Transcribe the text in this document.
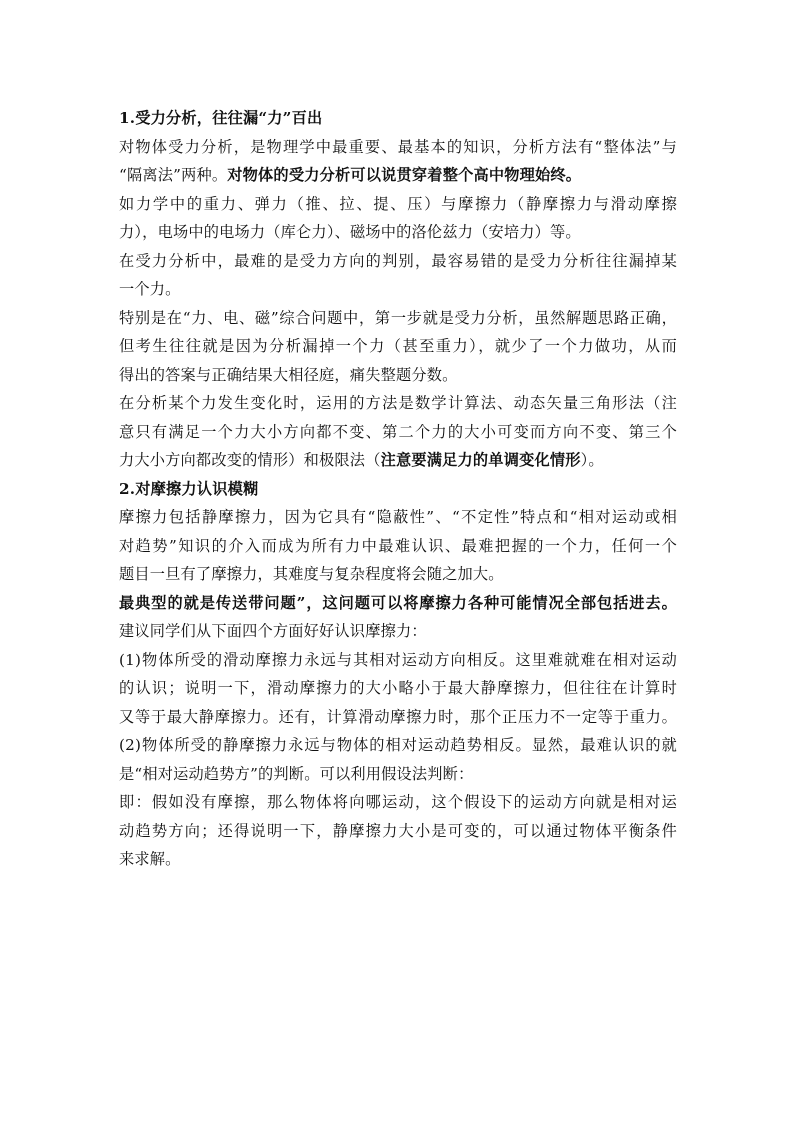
1.受力分析，往往漏“力”百出
对物体受力分析，是物理学中最重要、最基本的知识，分析方法有“整体法”与
“隔离法”两种。对物体的受力分析可以说贯穿着整个高中物理始终。
如力学中的重力、弹力（推、拉、提、压）与摩擦力（静摩擦力与滑动摩擦
力），电场中的电场力（库仑力）、磁场中的洛伦兹力（安培力）等。
在受力分析中，最难的是受力方向的判别，最容易错的是受力分析往往漏掉某
一个力。
特别是在“力、电、磁”综合问题中，第一步就是受力分析，虽然解题思路正确，
但考生往往就是因为分析漏掉一个力（甚至重力），就少了一个力做功，从而
得出的答案与正确结果大相径庭，痛失整题分数。
在分析某个力发生变化时，运用的方法是数学计算法、动态矢量三角形法（注
意只有满足一个力大小方向都不变、第二个力的大小可变而方向不变、第三个
力大小方向都改变的情形）和极限法（注意要满足力的单调变化情形）。
2.对摩擦力认识模糊
摩擦力包括静摩擦力，因为它具有“隐蔽性”、“不定性”特点和“相对运动或相
对趋势”知识的介入而成为所有力中最难认识、最难把握的一个力，任何一个
题目一旦有了摩擦力，其难度与复杂程度将会随之加大。
最典型的就是传送带问题”，这问题可以将摩擦力各种可能情况全部包括进去。
建议同学们从下面四个方面好好认识摩擦力：
(1)物体所受的滑动摩擦力永远与其相对运动方向相反。这里难就难在相对运动
的认识；说明一下，滑动摩擦力的大小略小于最大静摩擦力，但往往在计算时
又等于最大静摩擦力。还有，计算滑动摩擦力时，那个正压力不一定等于重力。
(2)物体所受的静摩擦力永远与物体的相对运动趋势相反。显然，最难认识的就
是“相对运动趋势方”的判断。可以利用假设法判断：
即：假如没有摩擦，那么物体将向哪运动，这个假设下的运动方向就是相对运
动趋势方向；还得说明一下，静摩擦力大小是可变的，可以通过物体平衡条件
来求解。
